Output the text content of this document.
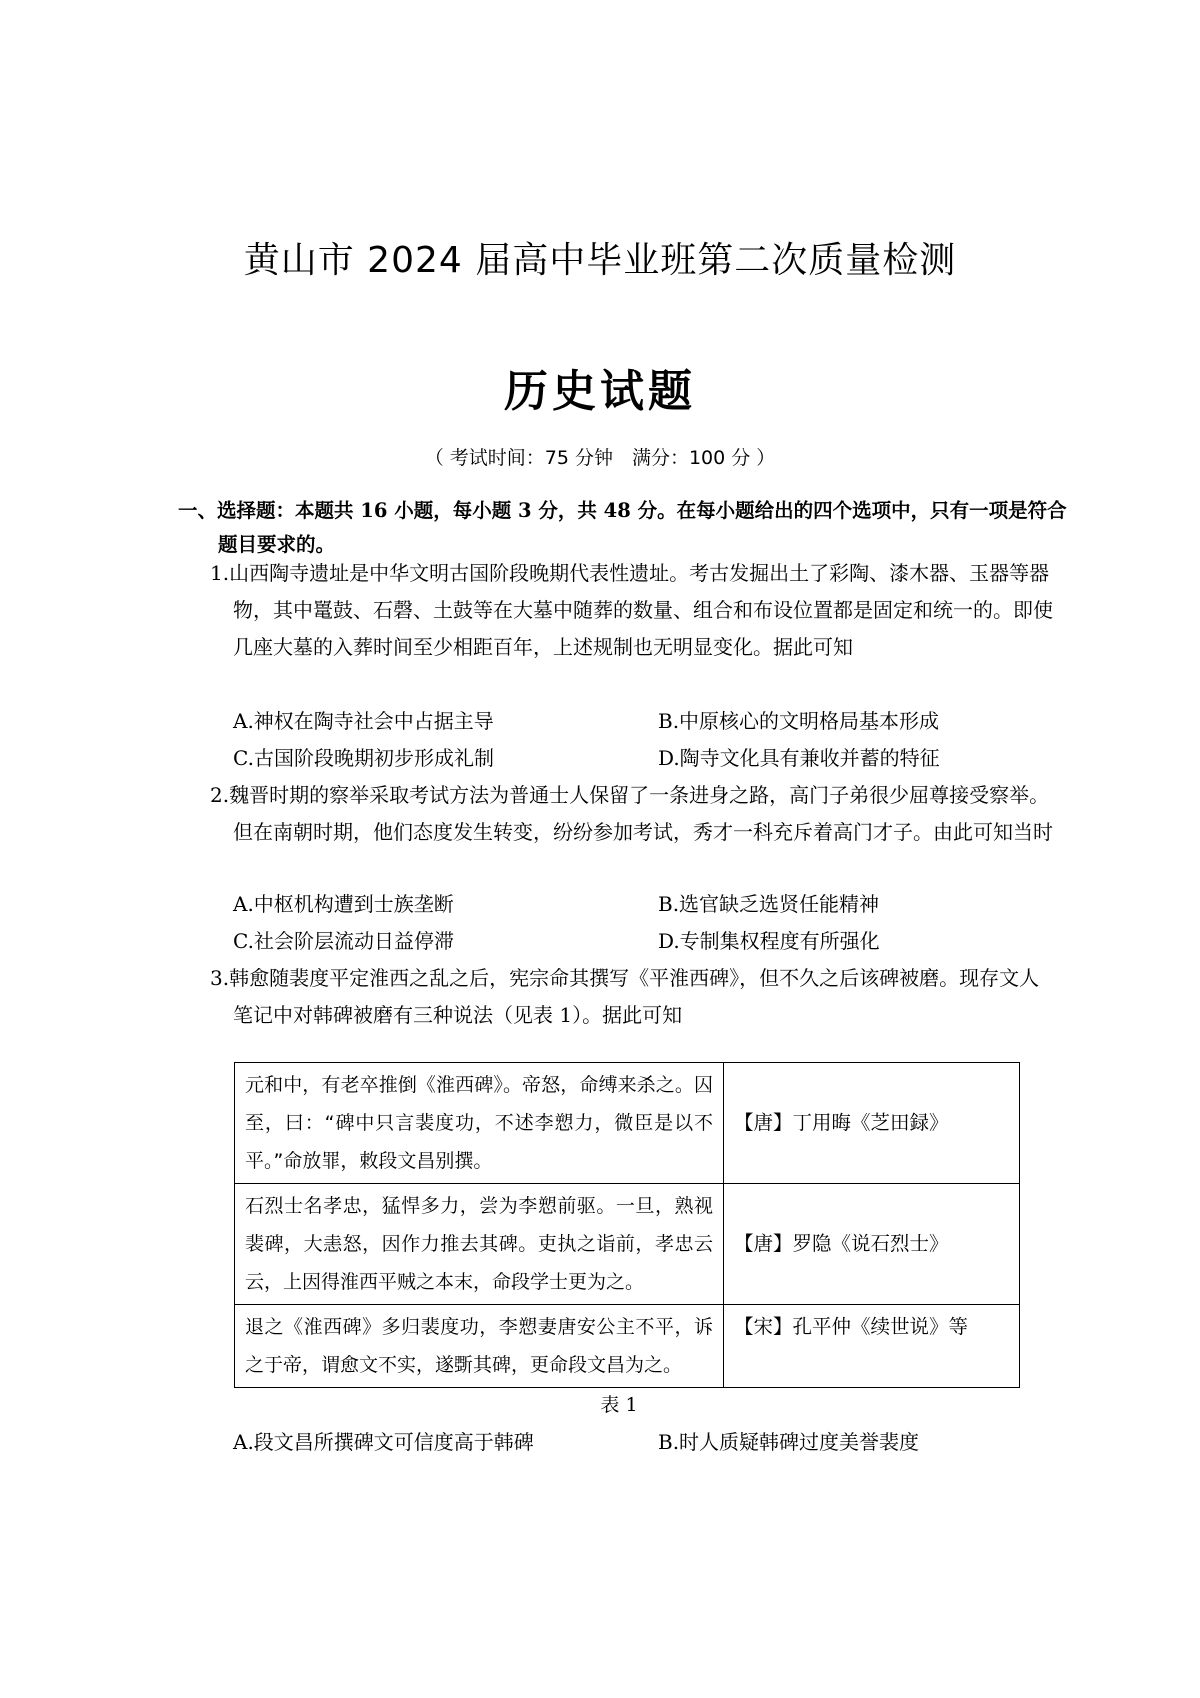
黄山市 2024 届高中毕业班第二次质量检测
历史试题
（ 考试时间：75 分钟　满分：100 分 ）
一、选择题：本题共 16 小题，每小题 3 分，共 48 分。在每小题给出的四个选项中，只有一项是符合题目要求的。
1.山西陶寺遗址是中华文明古国阶段晚期代表性遗址。考古发掘出土了彩陶、漆木器、玉器等器物，其中鼍鼓、石磬、土鼓等在大墓中随葬的数量、组合和布设位置都是固定和统一的。即使几座大墓的入葬时间至少相距百年，上述规制也无明显变化。据此可知
A.神权在陶寺社会中占据主导	B.中原核心的文明格局基本形成
C.古国阶段晚期初步形成礼制	D.陶寺文化具有兼收并蓄的特征
2.魏晋时期的察举采取考试方法为普通士人保留了一条进身之路，高门子弟很少屈尊接受察举。但在南朝时期，他们态度发生转变，纷纷参加考试，秀才一科充斥着高门才子。由此可知当时
A.中枢机构遭到士族垄断	B.选官缺乏选贤任能精神
C.社会阶层流动日益停滞	D.专制集权程度有所强化
3.韩愈随裴度平定淮西之乱之后，宪宗命其撰写《平淮西碑》，但不久之后该碑被磨。现存文人笔记中对韩碑被磨有三种说法（见表 1）。据此可知
元和中，有老卒推倒《淮西碑》。帝怒，命缚来杀之。囚至，曰：“碑中只言裴度功，不述李愬力，微臣是以不平。”命放罪，敕段文昌别撰。	【唐】丁用晦《芝田録》
石烈士名孝忠，猛悍多力，尝为李愬前驱。一旦，熟视裴碑，大恚怒，因作力推去其碑。吏执之诣前，孝忠云云，上因得淮西平贼之本末，命段学士更为之。	【唐】罗隐《说石烈士》
退之《淮西碑》多归裴度功，李愬妻唐安公主不平，诉之于帝，谓愈文不实，遂斲其碑，更命段文昌为之。	【宋】孔平仲《续世说》等
表 1
A.段文昌所撰碑文可信度高于韩碑	B.时人质疑韩碑过度美誉裴度
